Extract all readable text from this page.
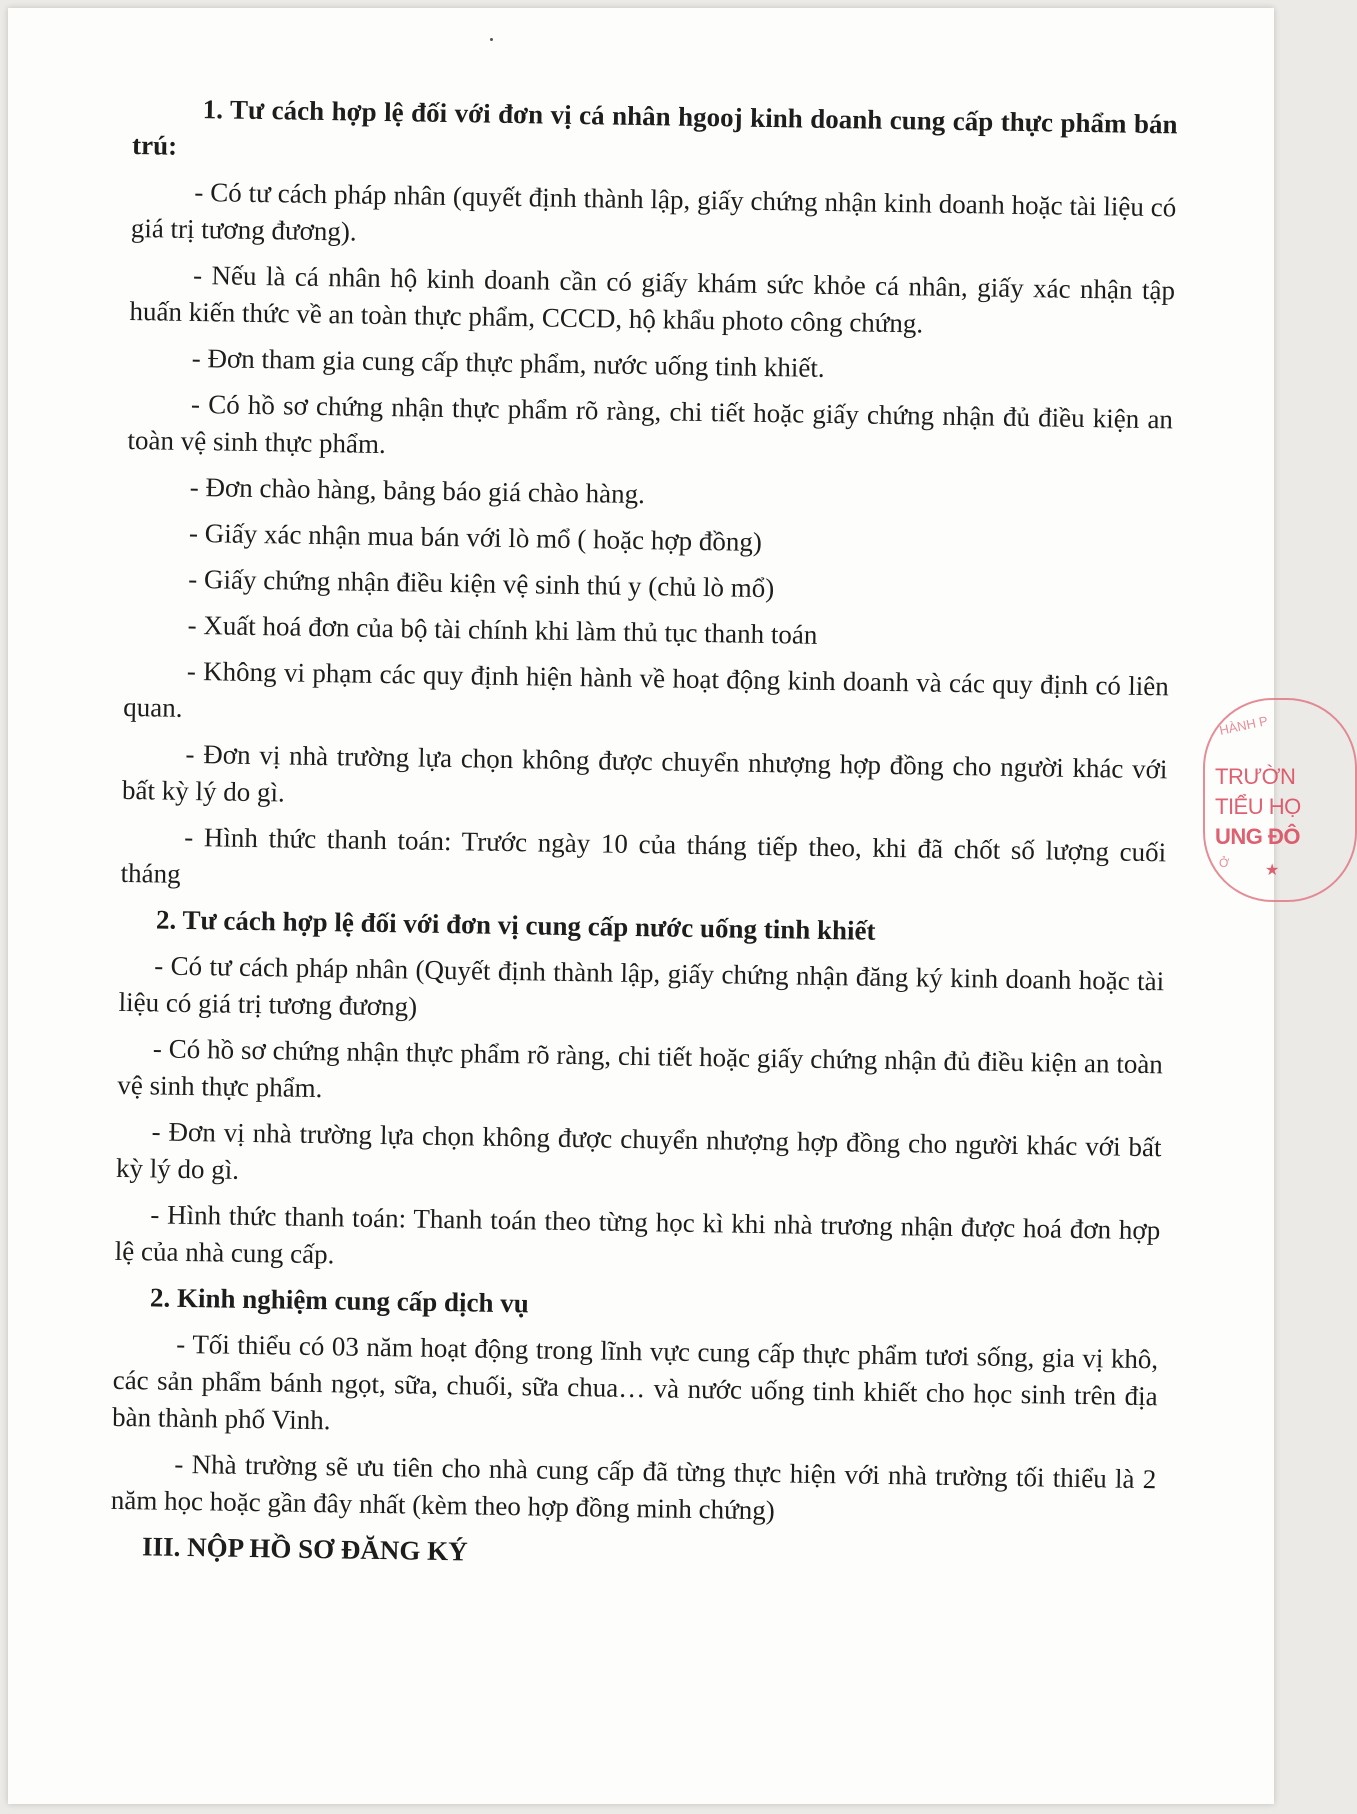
1. Tư cách hợp lệ đối với đơn vị cá nhân hgooj kinh doanh cung cấp thực phẩm bán trú:

- Có tư cách pháp nhân (quyết định thành lập, giấy chứng nhận kinh doanh hoặc tài liệu có giá trị tương đương).

- Nếu là cá nhân hộ kinh doanh cần có giấy khám sức khỏe cá nhân, giấy xác nhận tập huấn kiến thức về an toàn thực phẩm, CCCD, hộ khẩu photo công chứng.

- Đơn tham gia cung cấp thực phẩm, nước uống tinh khiết.

- Có hồ sơ chứng nhận thực phẩm rõ ràng, chi tiết hoặc giấy chứng nhận đủ điều kiện an toàn vệ sinh thực phẩm.

- Đơn chào hàng, bảng báo giá chào hàng.

- Giấy xác nhận mua bán với lò mổ ( hoặc hợp đồng)

- Giấy chứng nhận điều kiện vệ sinh thú y (chủ lò mổ)

- Xuất hoá đơn của bộ tài chính khi làm thủ tục thanh toán

- Không vi phạm các quy định hiện hành về hoạt động kinh doanh và các quy định có liên quan.

- Đơn vị nhà trường lựa chọn không được chuyển nhượng hợp đồng cho người khác với bất kỳ lý do gì.

- Hình thức thanh toán: Trước ngày 10 của tháng tiếp theo, khi đã chốt số lượng cuối tháng

2. Tư cách hợp lệ đối với đơn vị cung cấp nước uống tinh khiết

- Có tư cách pháp nhân (Quyết định thành lập, giấy chứng nhận đăng ký kinh doanh hoặc tài liệu có giá trị tương đương)

- Có hồ sơ chứng nhận thực phẩm rõ ràng, chi tiết hoặc giấy chứng nhận đủ điều kiện an toàn vệ sinh thực phẩm.

- Đơn vị nhà trường lựa chọn không được chuyển nhượng hợp đồng cho người khác với bất kỳ lý do gì.

- Hình thức thanh toán: Thanh toán theo từng học kì khi nhà trương nhận được hoá đơn hợp lệ của nhà cung cấp.

2. Kinh nghiệm cung cấp dịch vụ

- Tối thiểu có 03 năm hoạt động trong lĩnh vực cung cấp thực phẩm tươi sống, gia vị khô, các sản phẩm bánh ngọt, sữa, chuối, sữa chua… và nước uống tinh khiết cho học sinh trên địa bàn thành phố Vinh.

- Nhà trường sẽ ưu tiên cho nhà cung cấp đã từng thực hiện với nhà trường tối thiểu là 2 năm học hoặc gần đây nhất (kèm theo hợp đồng minh chứng)

III. NỘP HỒ SƠ ĐĂNG KÝ

HÀNH P
TRƯỜN
TIỂU HỌ
UNG ĐÔ
Ở ★
